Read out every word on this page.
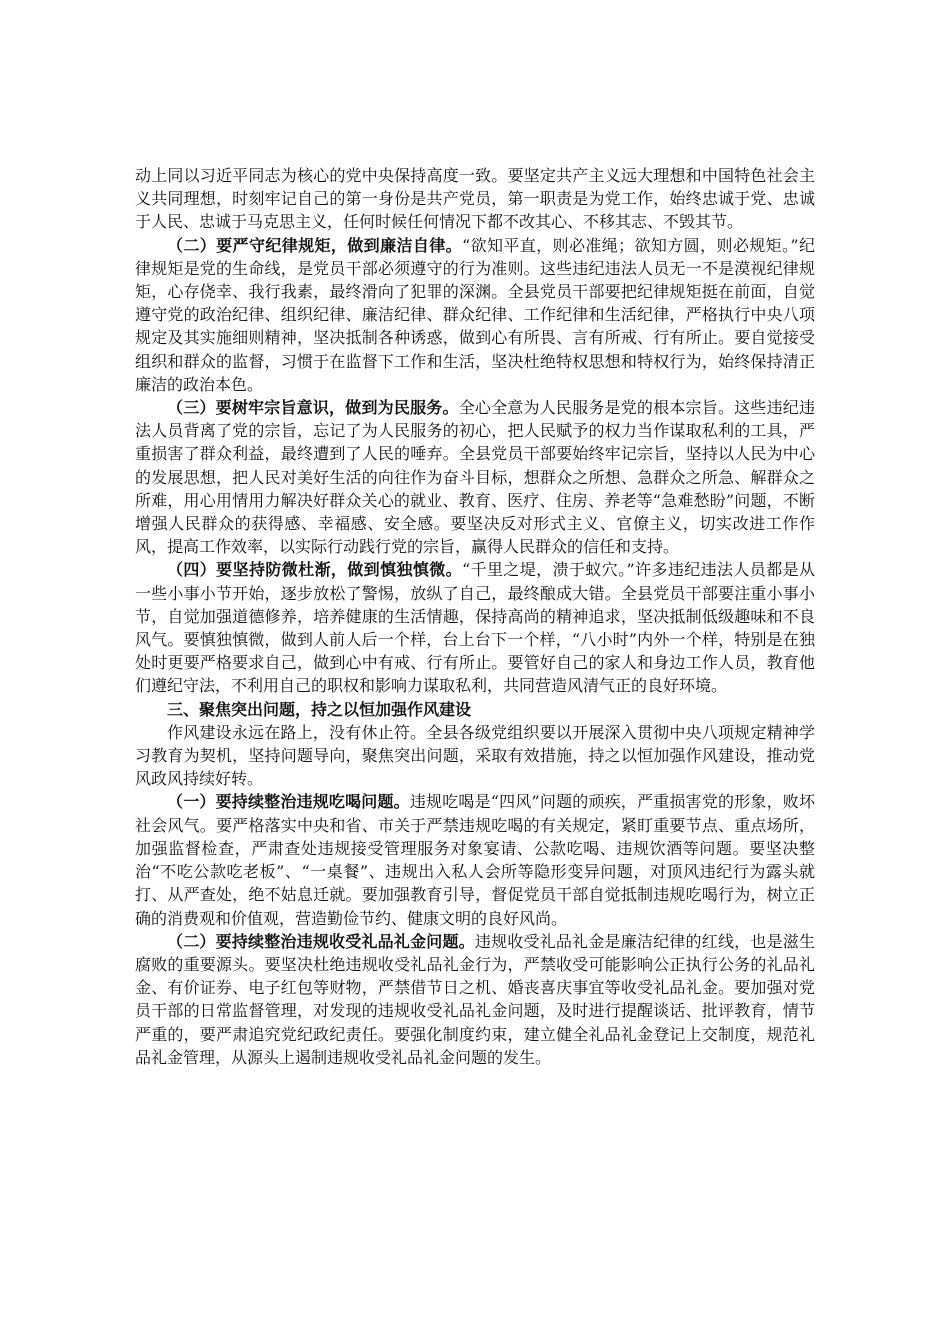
动上同以习近平同志为核心的党中央保持高度一致。要坚定共产主义远大理想和中国特色社会主义共同理想，时刻牢记自己的第一身份是共产党员，第一职责是为党工作，始终忠诚于党、忠诚于人民、忠诚于马克思主义，任何时候任何情况下都不改其心、不移其志、不毁其节。

（二）要严守纪律规矩，做到廉洁自律。“欲知平直，则必准绳；欲知方圆，则必规矩。”纪律规矩是党的生命线，是党员干部必须遵守的行为准则。这些违纪违法人员无一不是漠视纪律规矩，心存侥幸、我行我素，最终滑向了犯罪的深渊。全县党员干部要把纪律规矩挺在前面，自觉遵守党的政治纪律、组织纪律、廉洁纪律、群众纪律、工作纪律和生活纪律，严格执行中央八项规定及其实施细则精神，坚决抵制各种诱惑，做到心有所畏、言有所戒、行有所止。要自觉接受组织和群众的监督，习惯于在监督下工作和生活，坚决杜绝特权思想和特权行为，始终保持清正廉洁的政治本色。

（三）要树牢宗旨意识，做到为民服务。全心全意为人民服务是党的根本宗旨。这些违纪违法人员背离了党的宗旨，忘记了为人民服务的初心，把人民赋予的权力当作谋取私利的工具，严重损害了群众利益，最终遭到了人民的唾弃。全县党员干部要始终牢记宗旨，坚持以人民为中心的发展思想，把人民对美好生活的向往作为奋斗目标，想群众之所想、急群众之所急、解群众之所难，用心用情用力解决好群众关心的就业、教育、医疗、住房、养老等“急难愁盼”问题，不断增强人民群众的获得感、幸福感、安全感。要坚决反对形式主义、官僚主义，切实改进工作作风，提高工作效率，以实际行动践行党的宗旨，赢得人民群众的信任和支持。

（四）要坚持防微杜渐，做到慎独慎微。“千里之堤，溃于蚁穴。”许多违纪违法人员都是从一些小事小节开始，逐步放松了警惕，放纵了自己，最终酿成大错。全县党员干部要注重小事小节，自觉加强道德修养，培养健康的生活情趣，保持高尚的精神追求，坚决抵制低级趣味和不良风气。要慎独慎微，做到人前人后一个样，台上台下一个样，“八小时”内外一个样，特别是在独处时更要严格要求自己，做到心中有戒、行有所止。要管好自己的家人和身边工作人员，教育他们遵纪守法，不利用自己的职权和影响力谋取私利，共同营造风清气正的良好环境。

三、聚焦突出问题，持之以恒加强作风建设

作风建设永远在路上，没有休止符。全县各级党组织要以开展深入贯彻中央八项规定精神学习教育为契机，坚持问题导向，聚焦突出问题，采取有效措施，持之以恒加强作风建设，推动党风政风持续好转。

（一）要持续整治违规吃喝问题。违规吃喝是“四风”问题的顽疾，严重损害党的形象，败坏社会风气。要严格落实中央和省、市关于严禁违规吃喝的有关规定，紧盯重要节点、重点场所，加强监督检查，严肃查处违规接受管理服务对象宴请、公款吃喝、违规饮酒等问题。要坚决整治“不吃公款吃老板”、“一桌餐”、违规出入私人会所等隐形变异问题，对顶风违纪行为露头就打、从严查处，绝不姑息迁就。要加强教育引导，督促党员干部自觉抵制违规吃喝行为，树立正确的消费观和价值观，营造勤俭节约、健康文明的良好风尚。

（二）要持续整治违规收受礼品礼金问题。违规收受礼品礼金是廉洁纪律的红线，也是滋生腐败的重要源头。要坚决杜绝违规收受礼品礼金行为，严禁收受可能影响公正执行公务的礼品礼金、有价证券、电子红包等财物，严禁借节日之机、婚丧喜庆事宜等收受礼品礼金。要加强对党员干部的日常监督管理，对发现的违规收受礼品礼金问题，及时进行提醒谈话、批评教育，情节严重的，要严肃追究党纪政纪责任。要强化制度约束，建立健全礼品礼金登记上交制度，规范礼品礼金管理，从源头上遏制违规收受礼品礼金问题的发生。
